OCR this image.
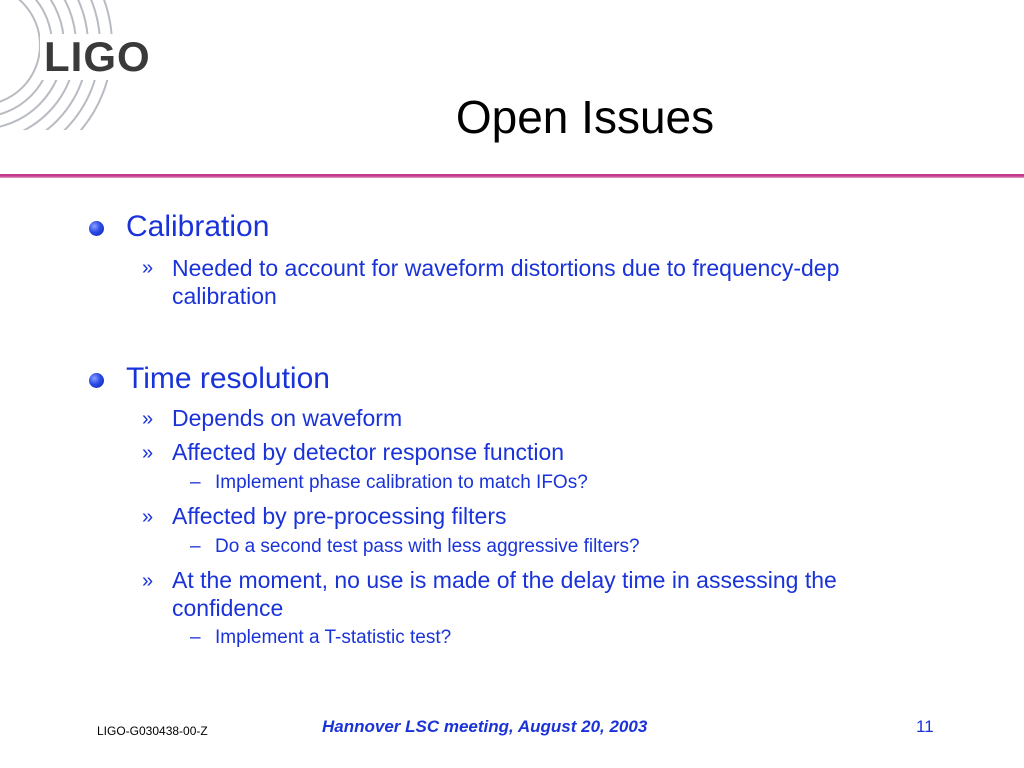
LIGO
Open Issues
Calibration
» Needed to account for waveform distortions due to frequency-dep
calibration
Time resolution
» Depends on waveform
» Affected by detector response function
– Implement phase calibration to match IFOs?
» Affected by pre-processing filters
– Do a second test pass with less aggressive filters?
» At the moment, no use is made of the delay time in assessing the
confidence
– Implement a T-statistic test?
LIGO-G030438-00-Z	Hannover LSC meeting, August 20, 2003	11
